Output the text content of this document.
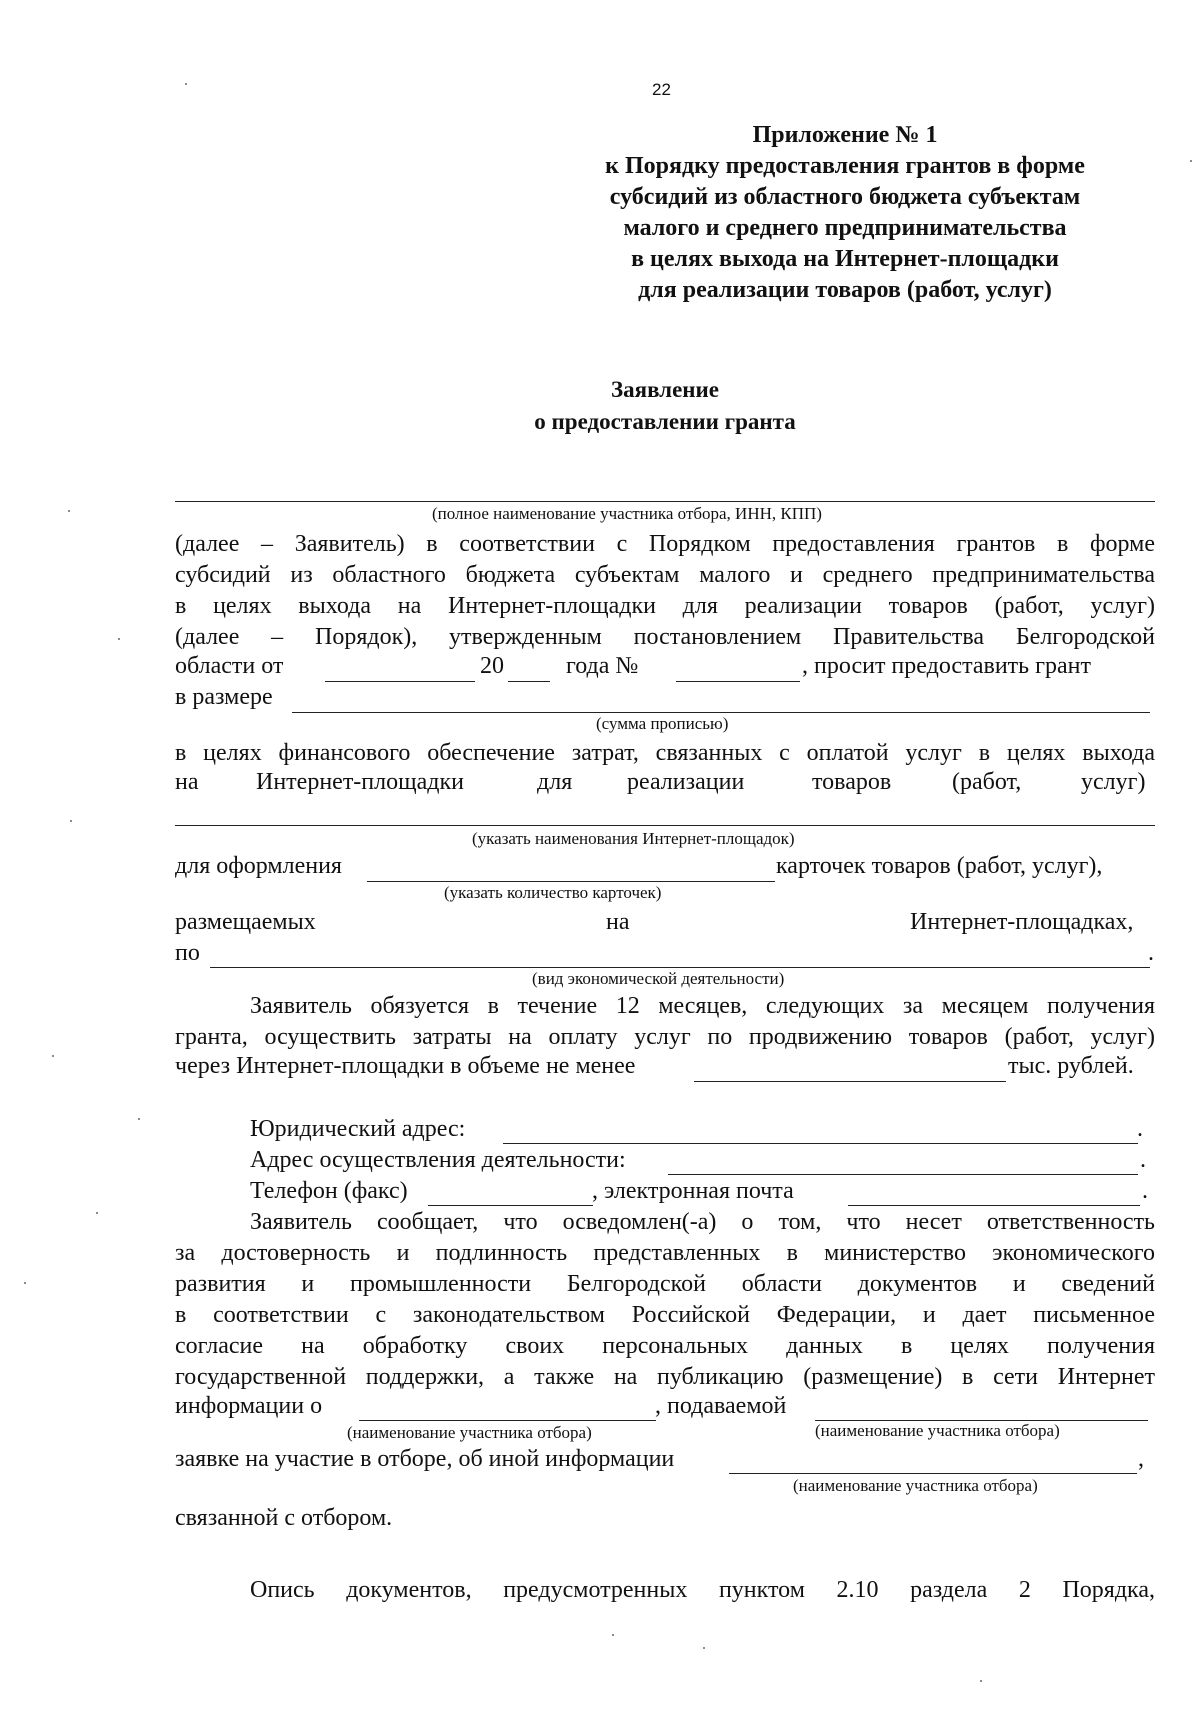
22
Приложение № 1
к Порядку предоставления грантов в форме
субсидий из областного бюджета субъектам
малого и среднего предпринимательства
в целях выхода на Интернет-площадки
для реализации товаров (работ, услуг)
Заявление
о предоставлении гранта
(полное наименование участника отбора, ИНН, КПП)
(далее – Заявитель) в соответствии с Порядком предоставления грантов в форме
субсидий из областного бюджета субъектам малого и среднего предпринимательства
в целях выхода на Интернет-площадки для реализации товаров (работ, услуг)
(далее – Порядок), утвержденным постановлением Правительства Белгородской
области от	20	года №	, просит предоставить грант
в размере
(сумма прописью)
в целях финансового обеспечение затрат, связанных с оплатой услуг в целях выхода
на Интернет-площадки	для реализации	товаров	(работ, услуг)
(указать наименования Интернет-площадок)
для оформления	карточек товаров (работ, услуг),
(указать количество карточек)
размещаемых	на	Интернет-площадках,
по	.
(вид экономической деятельности)
Заявитель обязуется в течение 12 месяцев, следующих за месяцем получения
гранта, осуществить затраты на оплату услуг по продвижению товаров (работ, услуг)
через Интернет-площадки в объеме не менее	тыс. рублей.
Юридический адрес:	.
Адрес осуществления деятельности:	.
Телефон (факс)	, электронная почта	.
Заявитель сообщает, что осведомлен(-а) о том, что несет ответственность
за достоверность и подлинность представленных в министерство экономического
развития и промышленности Белгородской области документов и сведений
в соответствии с законодательством Российской Федерации, и дает письменное
согласие на обработку своих персональных данных в целях получения
государственной поддержки, а также на публикацию (размещение) в сети Интернет
информации о	, подаваемой
(наименование участника отбора)	(наименование участника отбора)
заявке на участие в отборе, об иной информации	,
(наименование участника отбора)
связанной с отбором.
Опись документов, предусмотренных пунктом 2.10 раздела 2 Порядка,
